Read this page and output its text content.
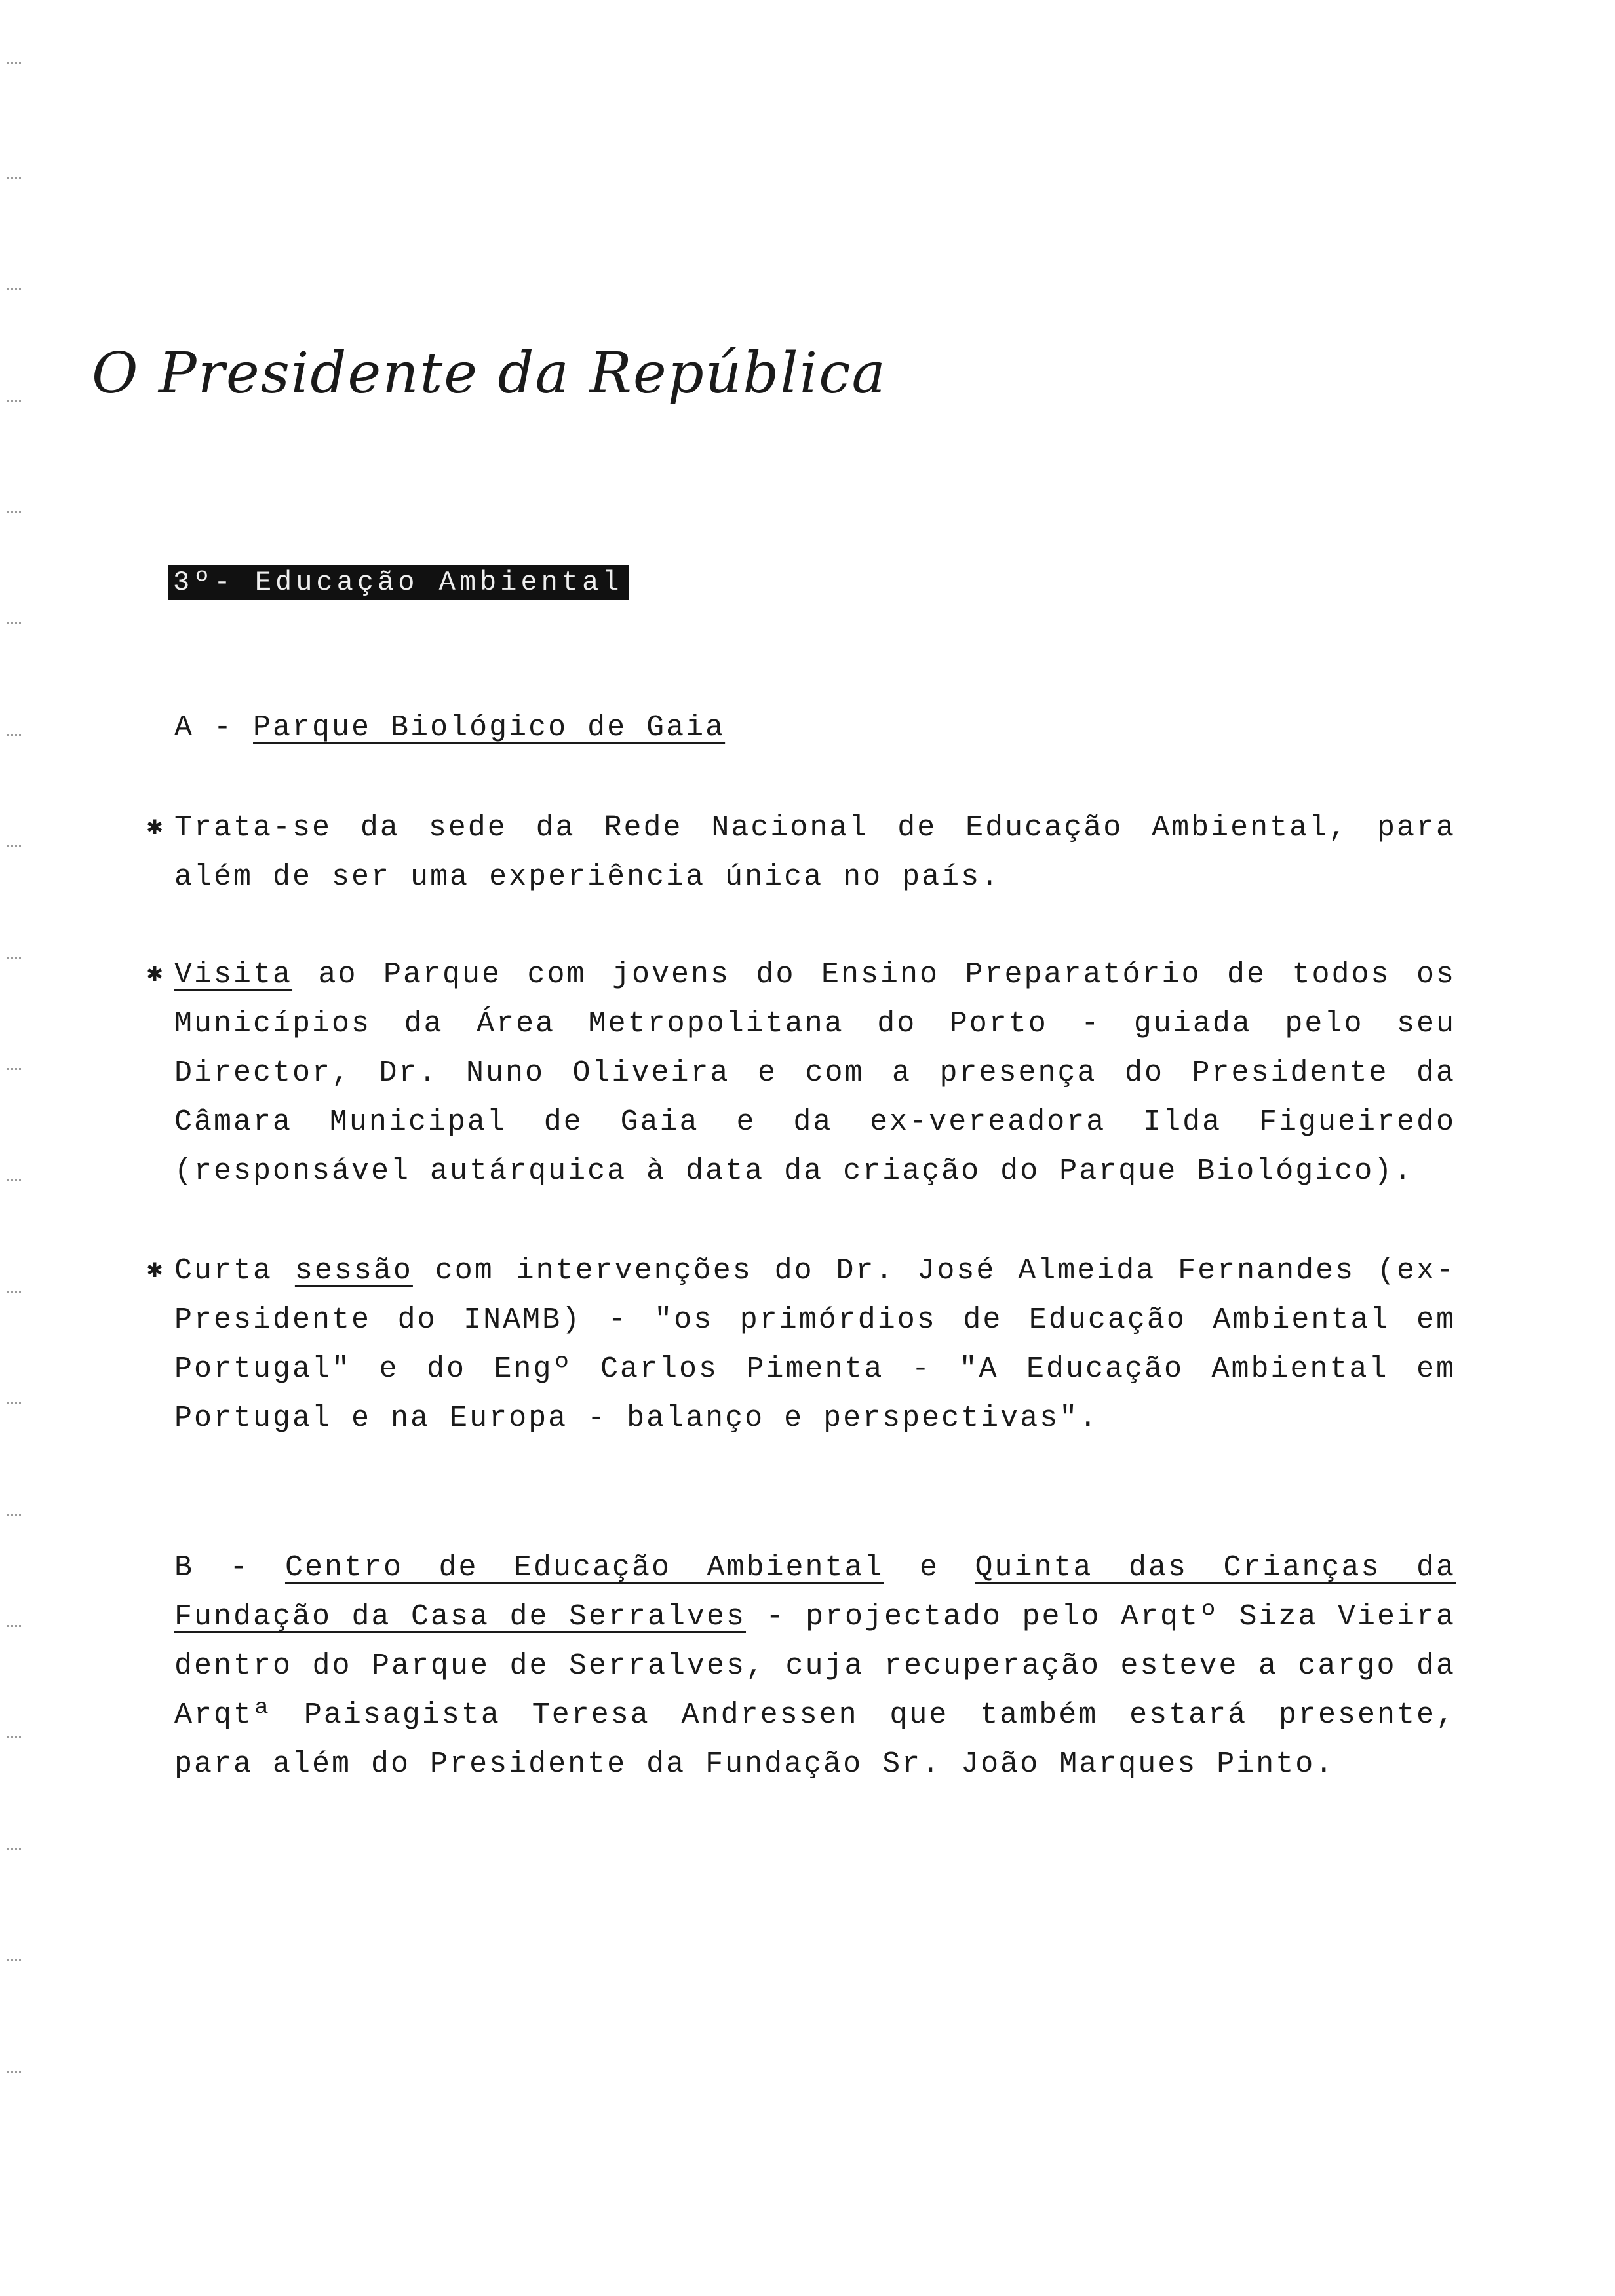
O Presidente da República
3º- Educação Ambiental
A - Parque Biológico de Gaia
✱ Trata-se da sede da Rede Nacional de Educação Ambiental, para além de ser uma experiência única no país.
✱ Visita ao Parque com jovens do Ensino Preparatório de todos os Municípios da Área Metropolitana do Porto - guiada pelo seu Director, Dr. Nuno Oliveira e com a presença do Presidente da Câmara Municipal de Gaia e da ex-vereadora Ilda Figueiredo (responsável autárquica à data da criação do Parque Biológico).
✱ Curta sessão com intervenções do Dr. José Almeida Fernandes (ex-Presidente do INAMB) - "os primórdios de Educação Ambiental em Portugal" e do Engº Carlos Pimenta - "A Educação Ambiental em Portugal e na Europa - balanço e perspectivas".
B - Centro de Educação Ambiental e Quinta das Crianças da Fundação da Casa de Serralves - projectado pelo Arqtº Siza Vieira dentro do Parque de Serralves, cuja recuperação esteve a cargo da Arqtª Paisagista Teresa Andressen que também estará presente, para além do Presidente da Fundação Sr. João Marques Pinto.
